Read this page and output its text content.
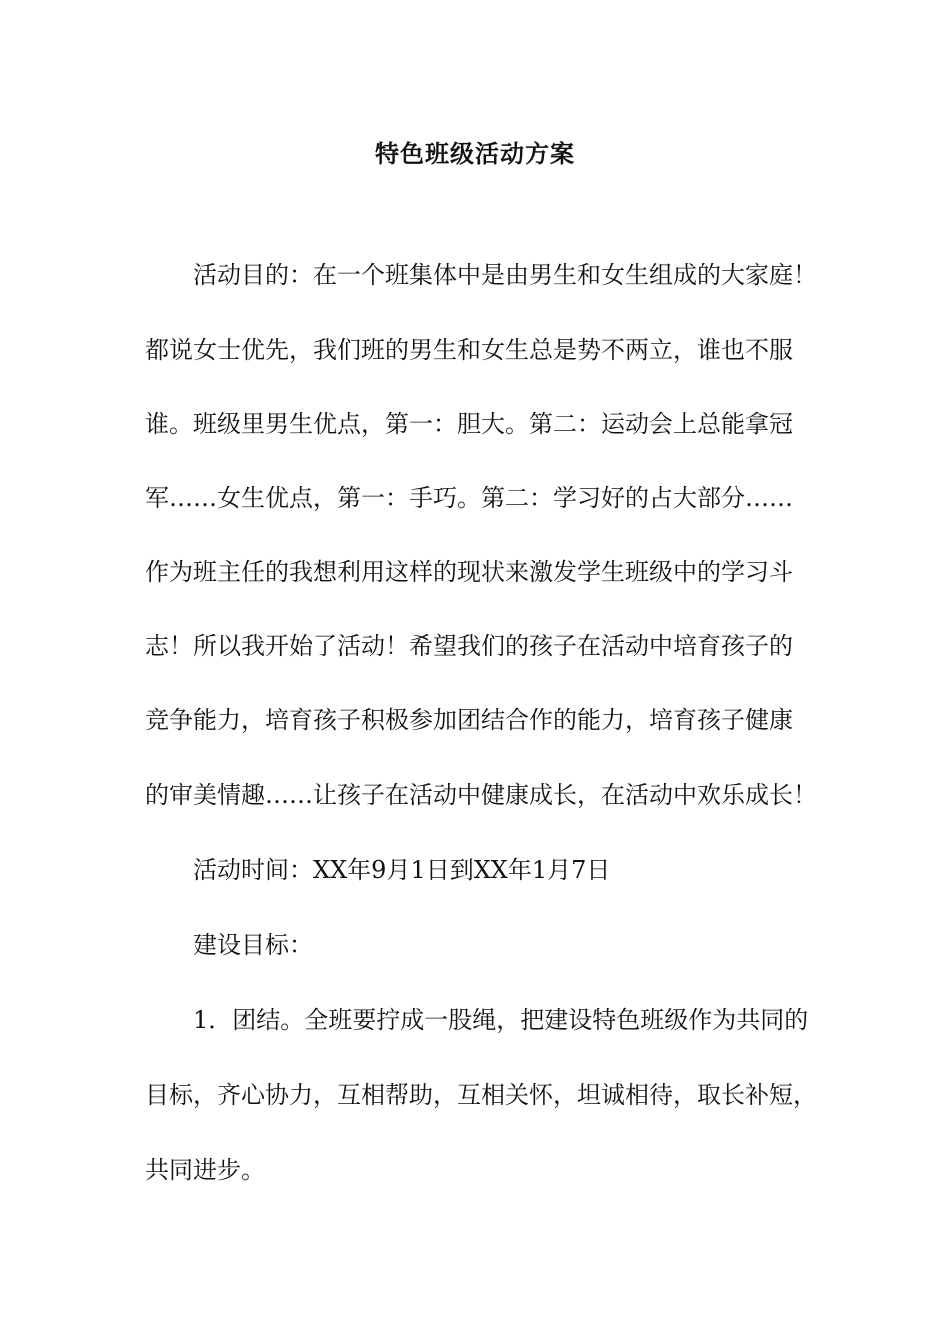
特色班级活动方案
活动目的：在一个班集体中是由男生和女生组成的大家庭！
都说女士优先，我们班的男生和女生总是势不两立，谁也不服
谁。班级里男生优点，第一：胆大。第二：运动会上总能拿冠
军……女生优点，第一：手巧。第二：学习好的占大部分……
作为班主任的我想利用这样的现状来激发学生班级中的学习斗
志！所以我开始了活动！希望我们的孩子在活动中培育孩子的
竞争能力，培育孩子积极参加团结合作的能力，培育孩子健康
的审美情趣……让孩子在活动中健康成长，在活动中欢乐成长！
活动时间：XX年9月1日到XX年1月7日
建设目标：
1．团结。全班要拧成一股绳，把建设特色班级作为共同的
目标，齐心协力，互相帮助，互相关怀，坦诚相待，取长补短，
共同进步。
